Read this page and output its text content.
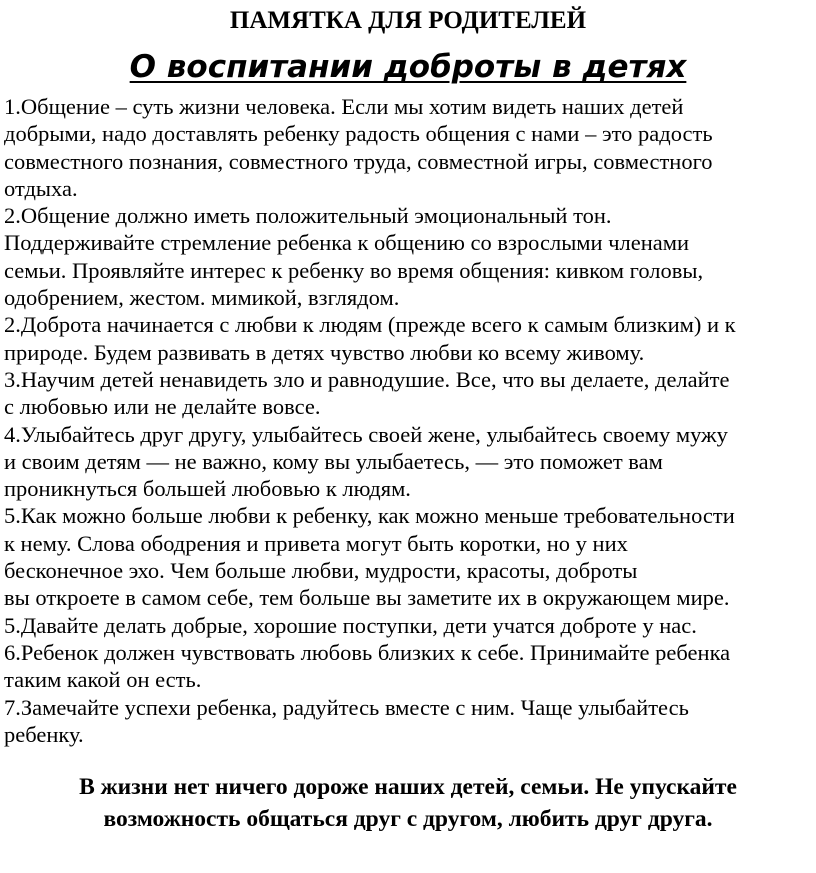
ПАМЯТКА ДЛЯ РОДИТЕЛЕЙ
О воспитании доброты в детях
1.Общение – суть жизни человека. Если мы хотим видеть наших детей
добрыми, надо доставлять ребенку радость общения с нами – это радость
совместного познания, совместного труда, совместной игры, совместного
отдыха.
2.Общение должно иметь положительный эмоциональный тон.
Поддерживайте стремление ребенка к общению со взрослыми членами
семьи. Проявляйте интерес к ребенку во время общения: кивком головы,
одобрением, жестом. мимикой, взглядом.
2.Доброта начинается с любви к людям (прежде всего к самым близким) и к
природе. Будем развивать в детях чувство любви ко всему живому.
3.Научим детей ненавидеть зло и равнодушие. Все, что вы делаете, делайте
с любовью или не делайте вовсе.
4.Улыбайтесь друг другу, улыбайтесь своей жене, улыбайтесь своему мужу
и своим детям — не важно, кому вы улыбаетесь, — это поможет вам
проникнуться большей любовью к людям.
5.Как можно больше любви к ребенку, как можно меньше требовательности
к нему. Слова ободрения и привета могут быть коротки, но у них
бесконечное эхо. Чем больше любви, мудрости, красоты, доброты
вы откроете в самом себе, тем больше вы заметите их в окружающем мире.
5.Давайте делать добрые, хорошие поступки, дети учатся доброте у нас.
6.Ребенок должен чувствовать любовь близких к себе. Принимайте ребенка
таким какой он есть.
7.Замечайте успехи ребенка, радуйтесь вместе с ним. Чаще улыбайтесь
ребенку.
В жизни нет ничего дороже наших детей, семьи. Не упускайте
возможность общаться друг с другом, любить друг друга.
